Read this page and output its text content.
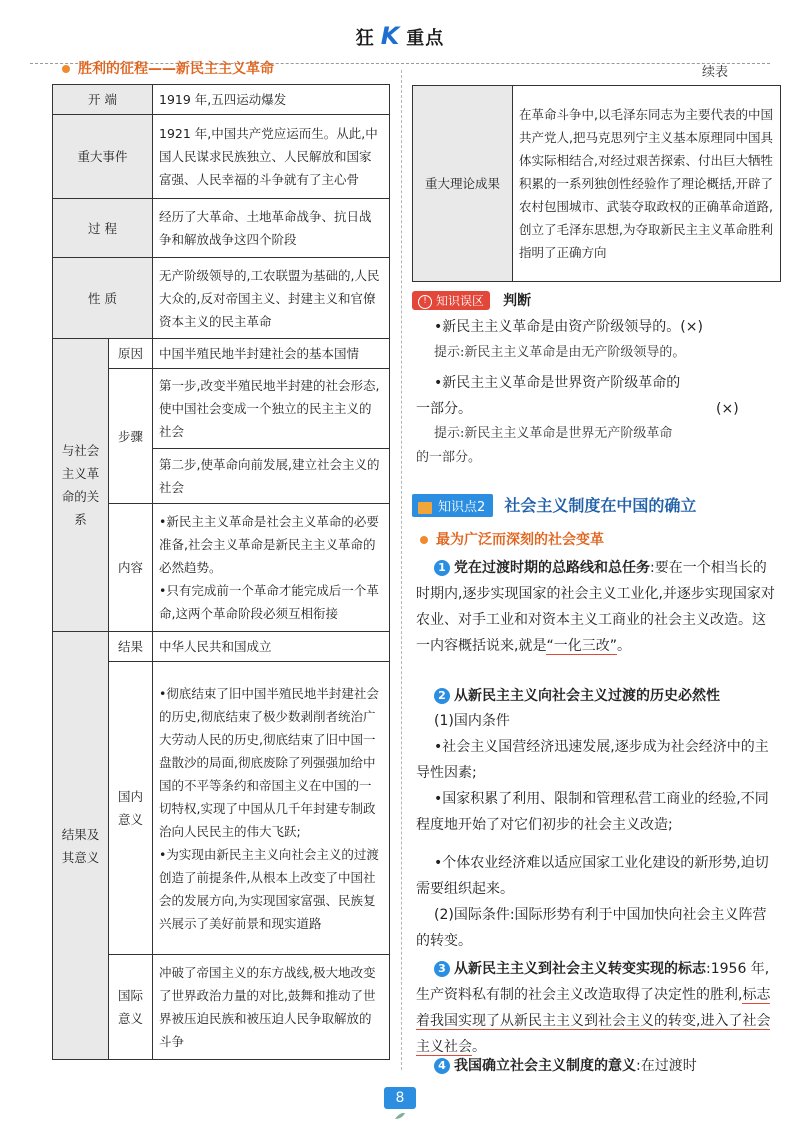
狂 K 重点
胜利的征程——新民主主义革命	续表
开 端		1919 年,五四运动爆发
重大事件		1921 年,中国共产党应运而生。从此,中国人民谋求民族独立、人民解放和国家富强、人民幸福的斗争就有了主心骨
过 程		经历了大革命、土地革命战争、抗日战争和解放战争这四个阶段
性 质		无产阶级领导的,工农联盟为基础的,人民大众的,反对帝国主义、封建主义和官僚资本主义的民主革命
与社会主义革命的关系	原因	中国半殖民地半封建社会的基本国情
	步骤	第一步,改变半殖民地半封建的社会形态,使中国社会变成一个独立的民主主义的社会
		第二步,使革命向前发展,建立社会主义的社会
	内容	•新民主主义革命是社会主义革命的必要准备,社会主义革命是新民主主义革命的必然趋势。
•只有完成前一个革命才能完成后一个革命,这两个革命阶段必须互相衔接

结果及其意义	结果	中华人民共和国成立
	国内意义	•彻底结束了旧中国半殖民地半封建社会的历史,彻底结束了极少数剥削者统治广大劳动人民的历史,彻底结束了旧中国一盘散沙的局面,彻底废除了列强强加给中国的不平等条约和帝国主义在中国的一切特权,实现了中国从几千年封建专制政治向人民民主的伟大飞跃;
•为实现由新民主主义向社会主义的过渡创造了前提条件,从根本上改变了中国社会的发展方向,为实现国家富强、民族复兴展示了美好前景和现实道路

	国际意义	冲破了帝国主义的东方战线,极大地改变了世界政治力量的对比,鼓舞和推动了世界被压迫民族和被压迫人民争取解放的斗争
重大理论成果	在革命斗争中,以毛泽东同志为主要代表的中国共产党人,把马克思列宁主义基本原理同中国具体实际相结合,对经过艰苦探索、付出巨大牺牲积累的一系列独创性经验作了理论概括,开辟了农村包围城市、武装夺取政权的正确革命道路,创立了毛泽东思想,为夺取新民主主义革命胜利指明了正确方向
! 知识误区 判断
•新民主主义革命是由资产阶级领导的。(×)
提示:新民主主义革命是由无产阶级领导的。
•新民主主义革命是世界资产阶级革命的
一部分。	(×)
提示:新民主主义革命是世界无产阶级革命
的一部分。
知识点2 社会主义制度在中国的确立
最为广泛而深刻的社会变革
1 党在过渡时期的总路线和总任务:要在一个相当长的时期内,逐步实现国家的社会主义工业化,并逐步实现国家对农业、对手工业和对资本主义工商业的社会主义改造。这一内容概括说来,就是“一化三改”。
2 从新民主主义向社会主义过渡的历史必然性
(1)国内条件
•社会主义国营经济迅速发展,逐步成为社会经济中的主导性因素;
•国家积累了利用、限制和管理私营工商业的经验,不同程度地开始了对它们初步的社会主义改造;
•个体农业经济难以适应国家工业化建设的新形势,迫切需要组织起来。
(2)国际条件:国际形势有利于中国加快向社会主义阵营的转变。
3 从新民主主义到社会主义转变实现的标志:1956 年,生产资料私有制的社会主义改造取得了决定性的胜利,标志着我国实现了从新民主主义到社会主义的转变,进入了社会主义社会。
4 我国确立社会主义制度的意义:在过渡时
8
